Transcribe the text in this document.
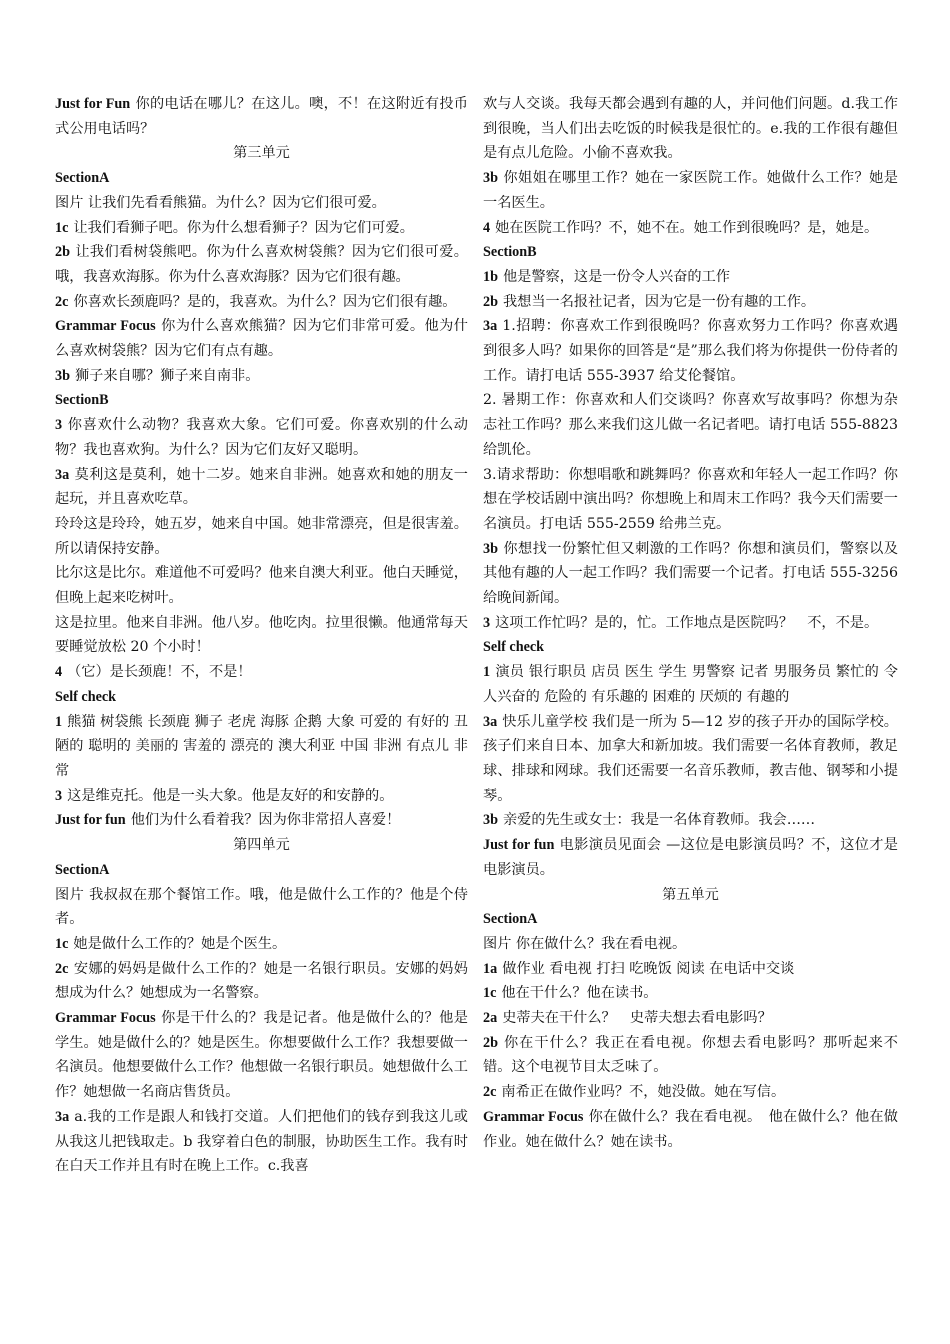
Just for Fun 你的电话在哪儿？在这儿。噢，不！在这附近有投币式公用电话吗？

第三单元

SectionA

图片 让我们先看看熊猫。为什么？因为它们很可爱。

1c 让我们看狮子吧。你为什么想看狮子？因为它们可爱。

2b 让我们看树袋熊吧。你为什么喜欢树袋熊？因为它们很可爱。哦，我喜欢海豚。你为什么喜欢海豚？因为它们很有趣。

2c 你喜欢长颈鹿吗？是的，我喜欢。为什么？因为它们很有趣。

Grammar Focus 你为什么喜欢熊猫？因为它们非常可爱。他为什么喜欢树袋熊？因为它们有点有趣。

3b 狮子来自哪？狮子来自南非。

SectionB

3 你喜欢什么动物？我喜欢大象。它们可爱。你喜欢别的什么动物？我也喜欢狗。为什么？因为它们友好又聪明。

3a 莫利这是莫利，她十二岁。她来自非洲。她喜欢和她的朋友一起玩，并且喜欢吃草。

玲玲这是玲玲，她五岁，她来自中国。她非常漂亮，但是很害羞。所以请保持安静。

比尔这是比尔。难道他不可爱吗？他来自澳大利亚。他白天睡觉，但晚上起来吃树叶。

这是拉里。他来自非洲。他八岁。他吃肉。拉里很懒。他通常每天要睡觉放松 20 个小时！

4 （它）是长颈鹿！不，不是！

Self check

1 熊猫 树袋熊 长颈鹿 狮子 老虎 海豚 企鹅 大象 可爱的 有好的 丑陋的 聪明的 美丽的 害羞的 漂亮的 澳大利亚 中国 非洲 有点儿 非常

3 这是维克托。他是一头大象。他是友好的和安静的。

Just for fun 他们为什么看着我？因为你非常招人喜爱！

第四单元

SectionA

图片 我叔叔在那个餐馆工作。哦，他是做什么工作的？他是个侍者。

1c 她是做什么工作的？她是个医生。

2c 安娜的妈妈是做什么工作的？她是一名银行职员。安娜的妈妈想成为什么？她想成为一名警察。

Grammar Focus 你是干什么的？我是记者。他是做什么的？他是学生。她是做什么的？她是医生。你想要做什么工作？我想要做一名演员。他想要做什么工作？他想做一名银行职员。她想做什么工作？她想做一名商店售货员。

3a a.我的工作是跟人和钱打交道。人们把他们的钱存到我这儿或从我这儿把钱取走。b 我穿着白色的制服，协助医生工作。我有时在白天工作并且有时在晚上工作。c.我喜

欢与人交谈。我每天都会遇到有趣的人，并问他们问题。d.我工作到很晚，当人们出去吃饭的时候我是很忙的。e.我的工作很有趣但是有点儿危险。小偷不喜欢我。

3b 你姐姐在哪里工作？她在一家医院工作。她做什么工作？她是一名医生。

4 她在医院工作吗？不，她不在。她工作到很晚吗？是，她是。

SectionB

1b 他是警察，这是一份令人兴奋的工作

2b 我想当一名报社记者，因为它是一份有趣的工作。

3a 1.招聘：你喜欢工作到很晚吗？你喜欢努力工作吗？你喜欢遇到很多人吗？如果你的回答是“是”那么我们将为你提供一份侍者的工作。请打电话 555-3937 给艾伦餐馆。

2. 暑期工作：你喜欢和人们交谈吗？你喜欢写故事吗？你想为杂志社工作吗？那么来我们这儿做一名记者吧。请打电话 555-8823 给凯伦。

3.请求帮助：你想唱歌和跳舞吗？你喜欢和年轻人一起工作吗？你想在学校话剧中演出吗？你想晚上和周末工作吗？我今天们需要一名演员。打电话 555-2559 给弗兰克。

3b 你想找一份繁忙但又刺激的工作吗？你想和演员们，警察以及其他有趣的人一起工作吗？我们需要一个记者。打电话 555-3256 给晚间新闻。

3 这项工作忙吗？是的，忙。工作地点是医院吗？　不，不是。

Self check

1 演员 银行职员 店员 医生 学生 男警察 记者 男服务员 繁忙的 令人兴奋的 危险的 有乐趣的 困难的 厌烦的 有趣的

3a 快乐儿童学校 我们是一所为 5—12 岁的孩子开办的国际学校。孩子们来自日本、加拿大和新加坡。我们需要一名体育教师，教足球、排球和网球。我们还需要一名音乐教师，教吉他、钢琴和小提琴。

3b 亲爱的先生或女士：我是一名体育教师。我会……

Just for fun 电影演员见面会 —这位是电影演员吗？不，这位才是电影演员。

第五单元

SectionA

图片 你在做什么？我在看电视。

1a 做作业 看电视 打扫 吃晚饭 阅读 在电话中交谈

1c 他在干什么？他在读书。

2a 史蒂夫在干什么？　史蒂夫想去看电影吗？

2b 你在干什么？我正在看电视。你想去看电影吗？那听起来不错。这个电视节目太乏味了。

2c 南希正在做作业吗？不，她没做。她在写信。

Grammar Focus 你在做什么？我在看电视。　他在做什么？他在做作业。她在做什么？她在读书。
